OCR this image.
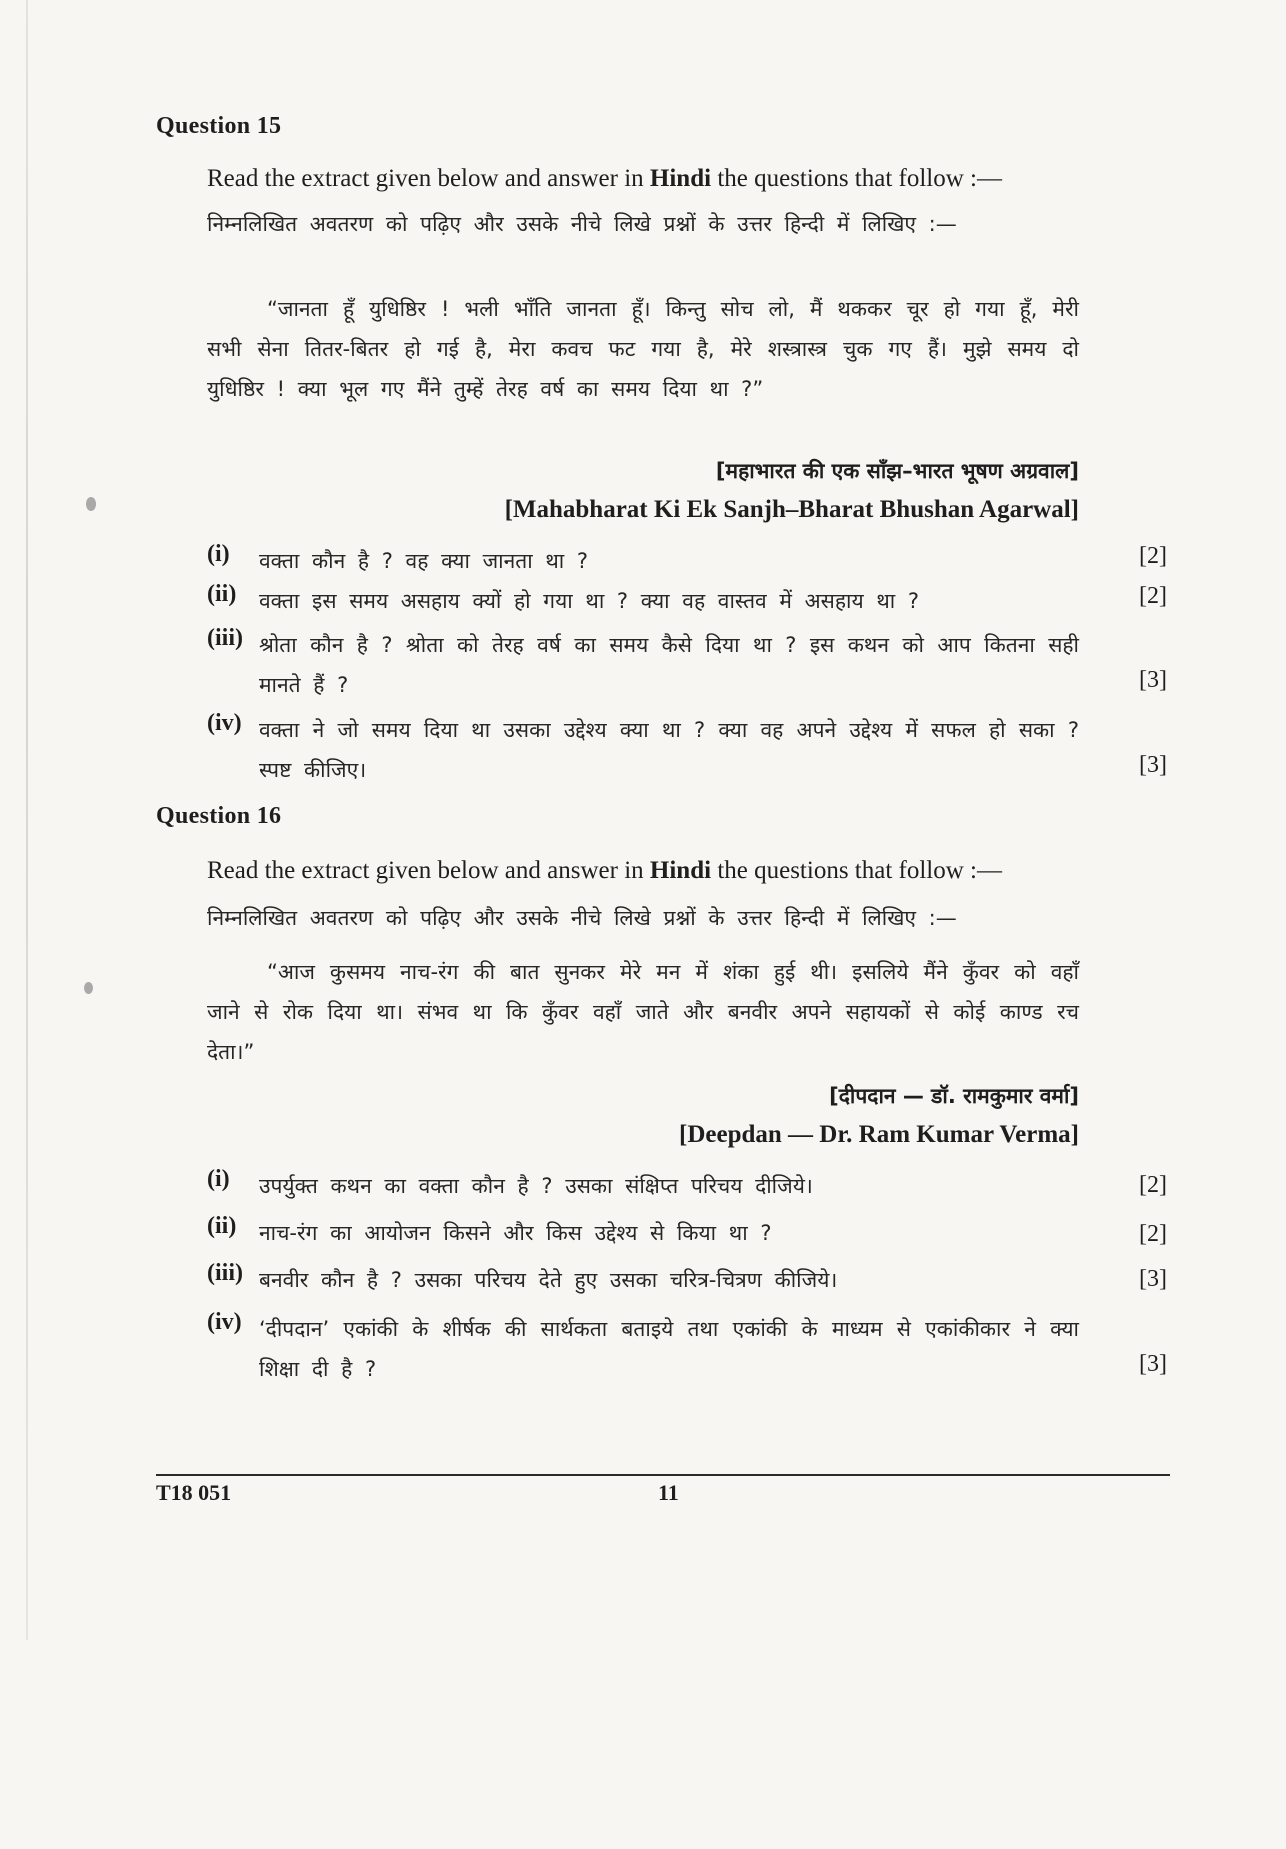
Question 15
Read the extract given below and answer in Hindi the questions that follow :—
निम्नलिखित अवतरण को पढ़िए और उसके नीचे लिखे प्रश्नों के उत्तर हिन्दी में लिखिए :—
“जानता हूँ युधिष्ठिर ! भली भाँति जानता हूँ। किन्तु सोच लो, मैं थककर चूर हो गया हूँ, मेरी सभी सेना तितर-बितर हो गई है, मेरा कवच फट गया है, मेरे शस्त्रास्त्र चुक गए हैं। मुझे समय दो युधिष्ठिर ! क्या भूल गए मैंने तुम्हें तेरह वर्ष का समय दिया था ?”
[महाभारत की एक साँझ–भारत भूषण अग्रवाल]
[Mahabharat Ki Ek Sanjh–Bharat Bhushan Agarwal]
(i) वक्ता कौन है ? वह क्या जानता था ?	[2]
(ii) वक्ता इस समय असहाय क्यों हो गया था ? क्या वह वास्तव में असहाय था ?	[2]
(iii) श्रोता कौन है ? श्रोता को तेरह वर्ष का समय कैसे दिया था ? इस कथन को आप कितना सही मानते हैं ?	[3]
(iv) वक्ता ने जो समय दिया था उसका उद्देश्य क्या था ? क्या वह अपने उद्देश्य में सफल हो सका ? स्पष्ट कीजिए।	[3]
Question 16
Read the extract given below and answer in Hindi the questions that follow :—
निम्नलिखित अवतरण को पढ़िए और उसके नीचे लिखे प्रश्नों के उत्तर हिन्दी में लिखिए :—
“आज कुसमय नाच-रंग की बात सुनकर मेरे मन में शंका हुई थी। इसलिये मैंने कुँवर को वहाँ जाने से रोक दिया था। संभव था कि कुँवर वहाँ जाते और बनवीर अपने सहायकों से कोई काण्ड रच देता।”
[दीपदान — डॉ. रामकुमार वर्मा]
[Deepdan — Dr. Ram Kumar Verma]
(i) उपर्युक्त कथन का वक्ता कौन है ? उसका संक्षिप्त परिचय दीजिये।	[2]
(ii) नाच-रंग का आयोजन किसने और किस उद्देश्य से किया था ?	[2]
(iii) बनवीर कौन है ? उसका परिचय देते हुए उसका चरित्र-चित्रण कीजिये।	[3]
(iv) ‘दीपदान’ एकांकी के शीर्षक की सार्थकता बताइये तथा एकांकी के माध्यम से एकांकीकार ने क्या शिक्षा दी है ?	[3]
T18 051	11
